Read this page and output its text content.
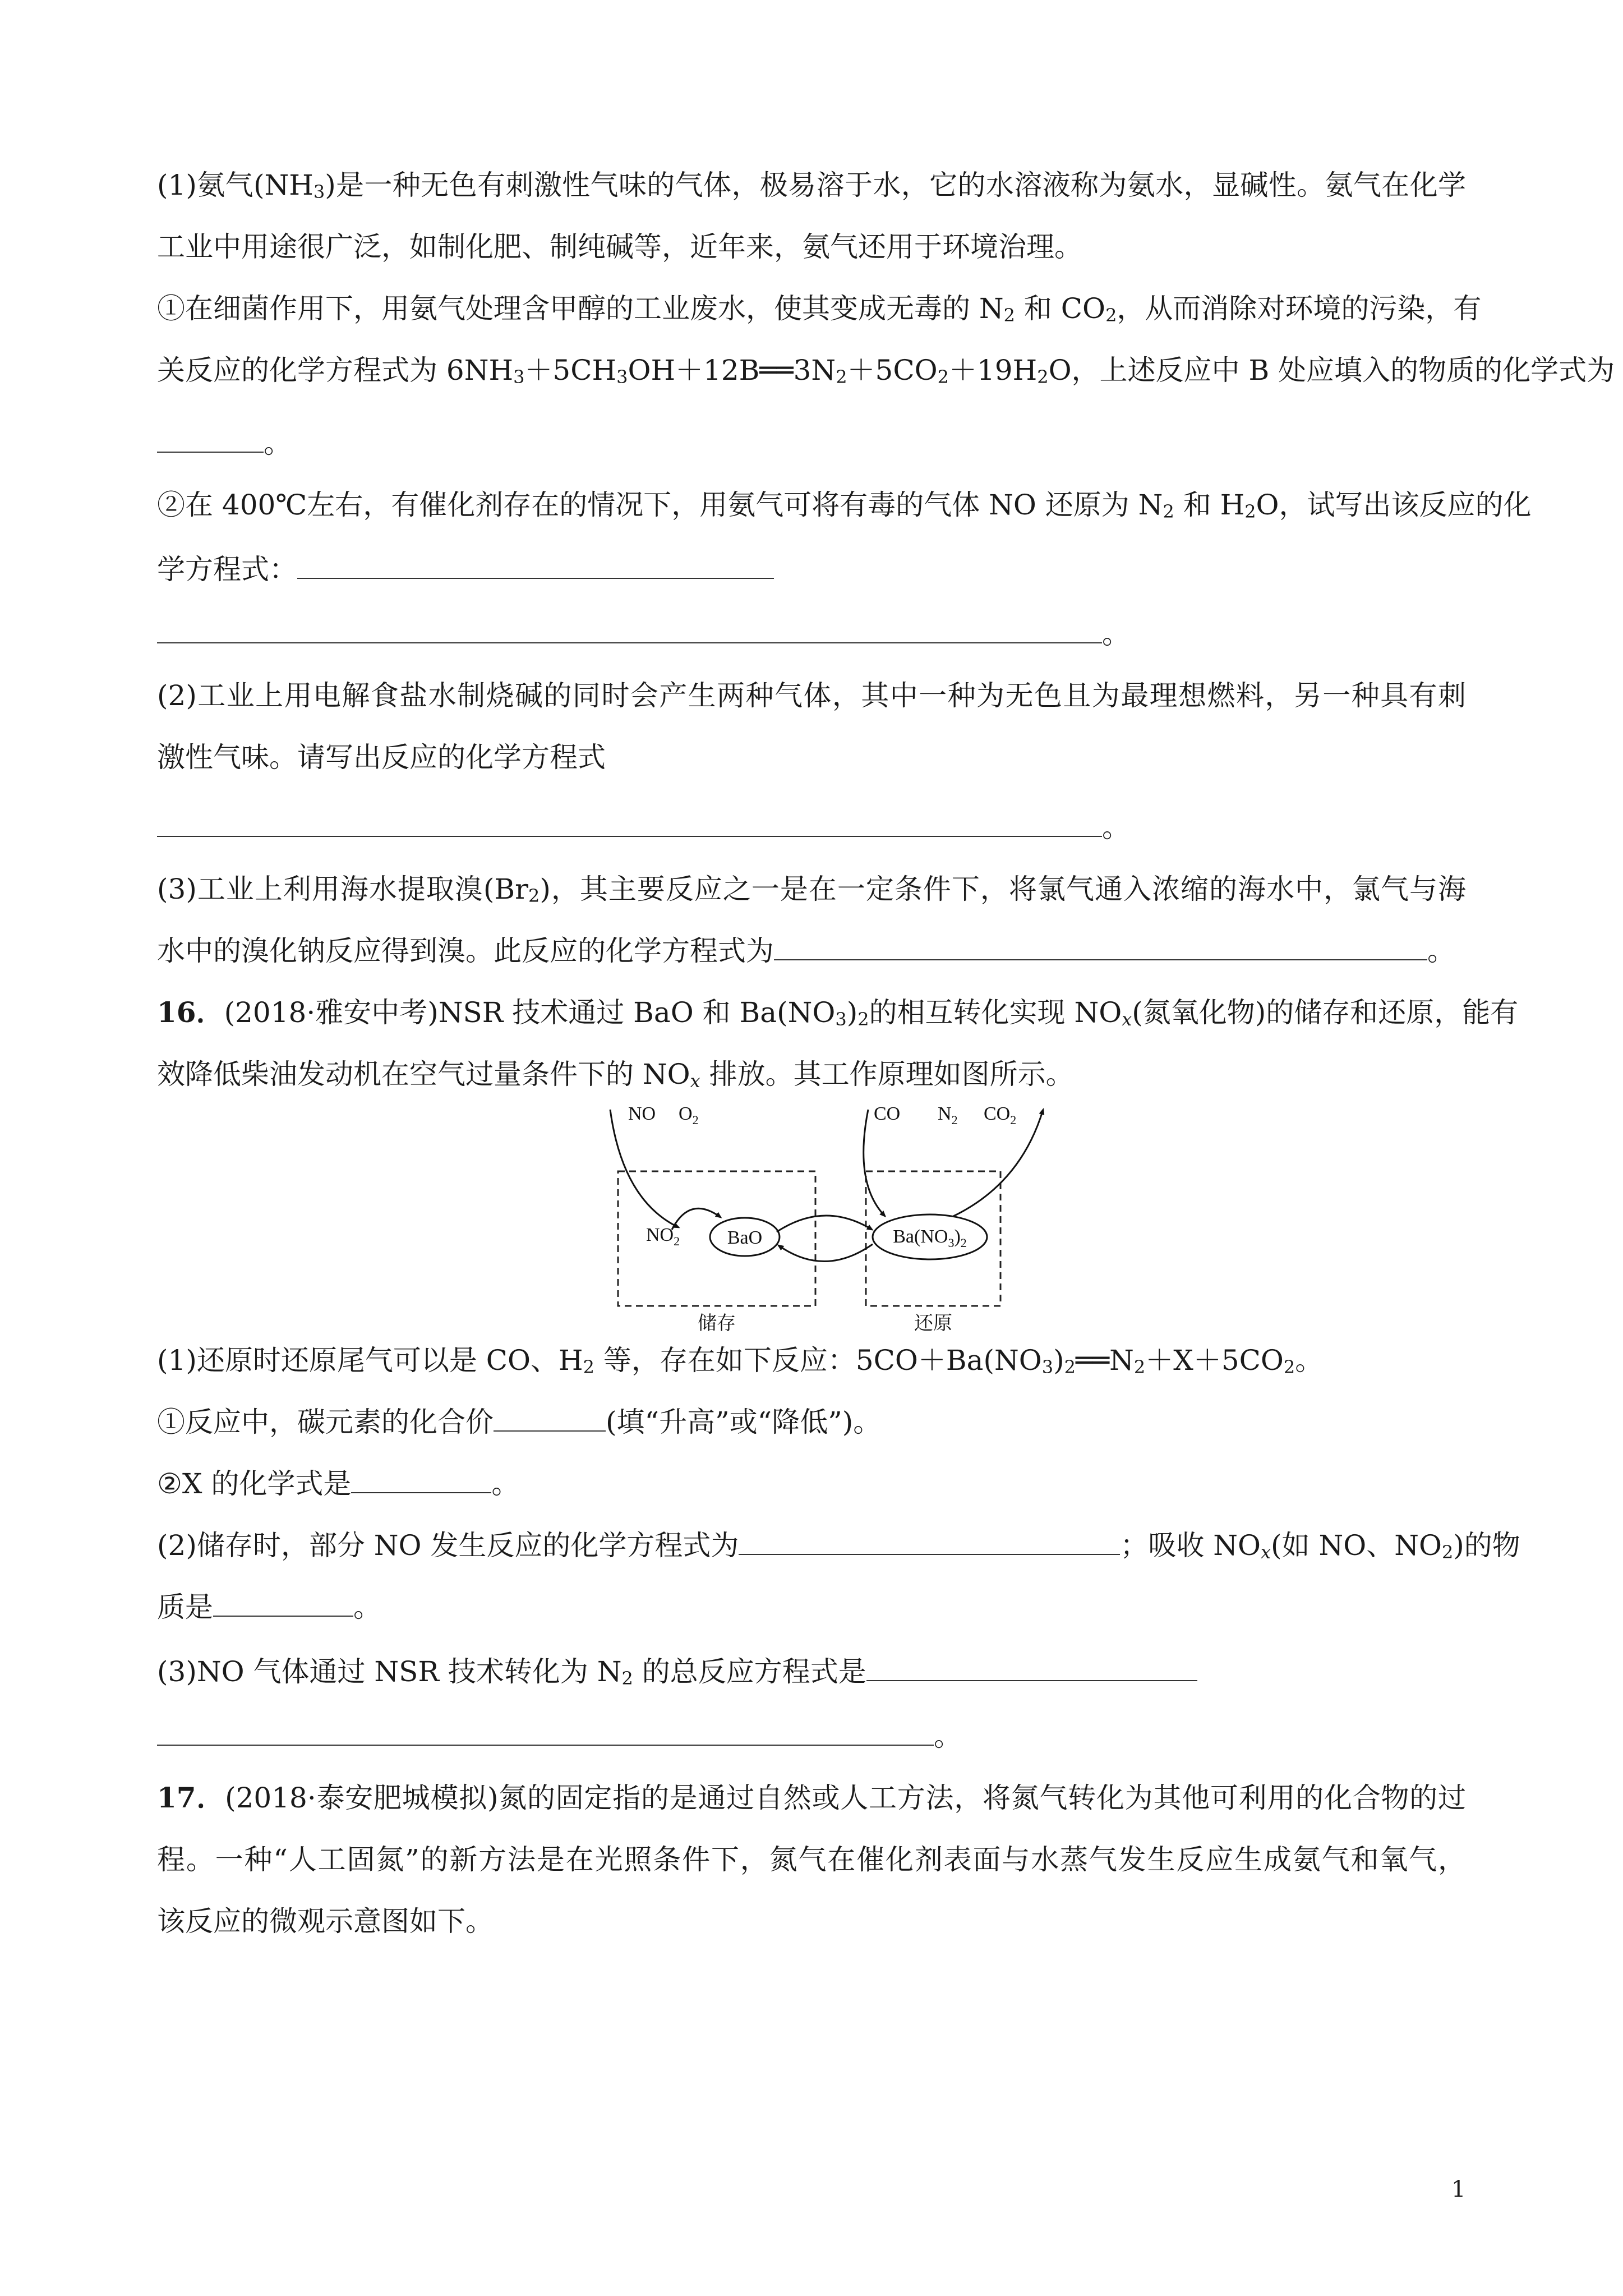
(1)氨气$(NH_3)$是一种无色有刺激性气味的气体，极易溶于水，它的水溶液称为氨水，显碱性。氨气在化学
工业中用途很广泛，如制化肥、制纯碱等，近年来，氨气还用于环境治理。
①在细菌作用下，用氨气处理含甲醇的工业废水，使其变成无毒的 $N_2$ 和 $CO_2$，从而消除对环境的污染，有
关反应的化学方程式为 $6NH_3+5CH_3OH+12B══3N_2+5CO_2+19H_2O$，上述反应中 B 处应填入的物质的化学式为
。
②在 400℃左右，有催化剂存在的情况下，用氨气可将有毒的气体 NO 还原为 $N_2$ 和 $H_2O$，试写出该反应的化
学方程式：
。
(2)工业上用电解食盐水制烧碱的同时会产生两种气体，其中一种为无色且为最理想燃料，另一种具有刺
激性气味。请写出反应的化学方程式
。
(3)工业上利用海水提取溴$(Br_2)$，其主要反应之一是在一定条件下，将氯气通入浓缩的海水中，氯气与海
水中的溴化钠反应得到溴。此反应的化学方程式为	。
16．(2018·雅安中考)NSR 技术通过 BaO 和 $Ba(NO_3)_2$的相互转化实现 $NO_x$(氮氧化物)的储存和还原，能有
效降低柴油发动机在空气过量条件下的 $NO_x$ 排放。其工作原理如图所示。
NO $O_2$
$NO_2$ BaO	$Ba(NO_3)_2$
CO $N_2$ $CO_2$
储存	还原
(1)还原时还原尾气可以是 CO、$H_2$ 等，存在如下反应：$5CO+Ba(NO_3)_2══N_2+X+5CO_2$。
①反应中，碳元素的化合价	(填“升高”或“降低”)。
②X 的化学式是	。
(2)储存时，部分 NO 发生反应的化学方程式为	；吸收 $NO_x$(如 NO、$NO_2$)的物
质是	。
(3)NO 气体通过 NSR 技术转化为 $N_2$ 的总反应方程式是
。
17．(2018·泰安肥城模拟)氮的固定指的是通过自然或人工方法，将氮气转化为其他可利用的化合物的过
程。一种“人工固氮”的新方法是在光照条件下，氮气在催化剂表面与水蒸气发生反应生成氨气和氧气，
该反应的微观示意图如下。
1
